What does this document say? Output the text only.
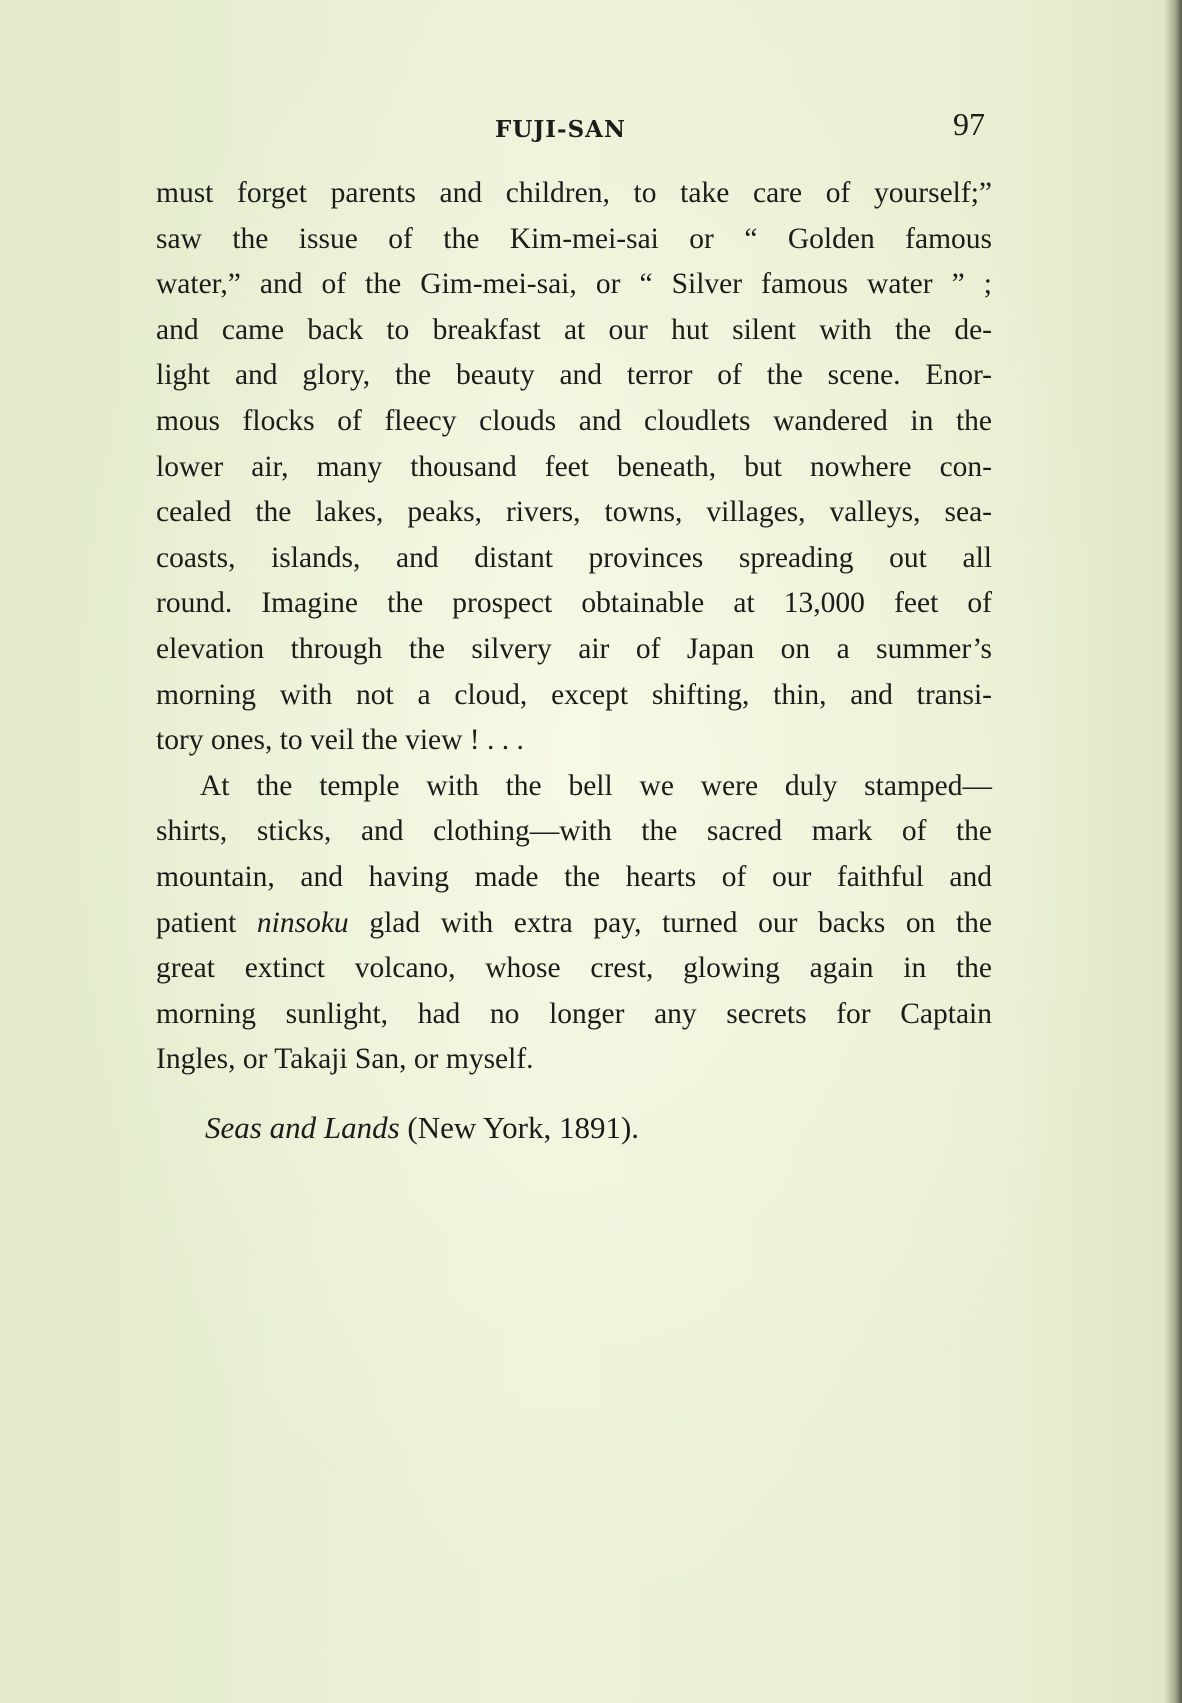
FUJI-SAN	97
must forget parents and children, to take care of yourself;”
saw the issue of the Kim-mei-sai or “ Golden famous
water,” and of the Gim-mei-sai, or “ Silver famous water ” ;
and came back to breakfast at our hut silent with the de-
light and glory, the beauty and terror of the scene. Enor-
mous flocks of fleecy clouds and cloudlets wandered in the
lower air, many thousand feet beneath, but nowhere con-
cealed the lakes, peaks, rivers, towns, villages, valleys, sea-
coasts, islands, and distant provinces spreading out all
round. Imagine the prospect obtainable at 13,000 feet of
elevation through the silvery air of Japan on a summer’s
morning with not a cloud, except shifting, thin, and transi-
tory ones, to veil the view ! . . .
At the temple with the bell we were duly stamped—
shirts, sticks, and clothing—with the sacred mark of the
mountain, and having made the hearts of our faithful and
patient ninsoku glad with extra pay, turned our backs on the
great extinct volcano, whose crest, glowing again in the
morning sunlight, had no longer any secrets for Captain
Ingles, or Takaji San, or myself.
Seas and Lands (New York, 1891).
